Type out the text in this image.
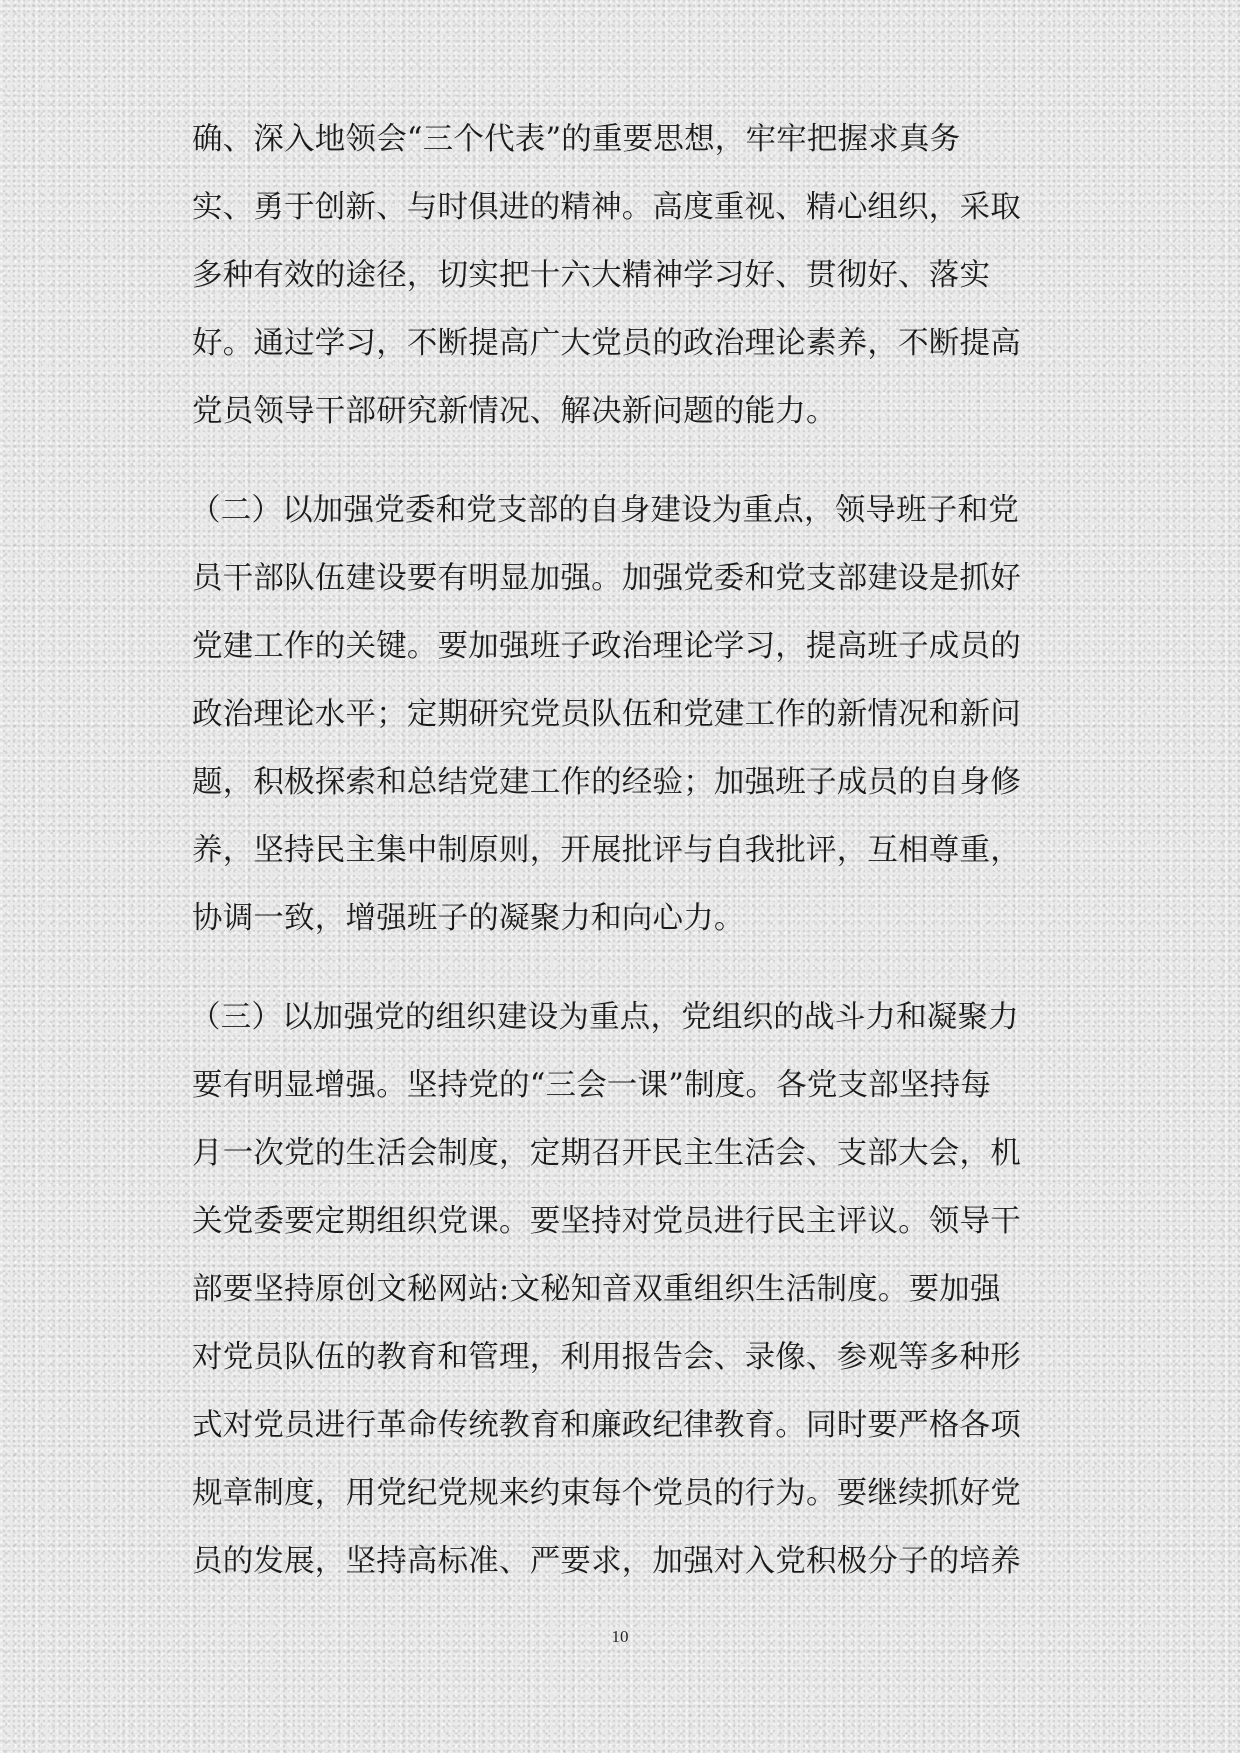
确、深入地领会“三个代表”的重要思想，牢牢把握求真务
实、勇于创新、与时俱进的精神。高度重视、精心组织，采取
多种有效的途径，切实把十六大精神学习好、贯彻好、落实
好。通过学习，不断提高广大党员的政治理论素养，不断提高
党员领导干部研究新情况、解决新问题的能力。
（二）以加强党委和党支部的自身建设为重点，领导班子和党
员干部队伍建设要有明显加强。加强党委和党支部建设是抓好
党建工作的关键。要加强班子政治理论学习，提高班子成员的
政治理论水平；定期研究党员队伍和党建工作的新情况和新问
题，积极探索和总结党建工作的经验；加强班子成员的自身修
养，坚持民主集中制原则，开展批评与自我批评，互相尊重，
协调一致，增强班子的凝聚力和向心力。
（三）以加强党的组织建设为重点，党组织的战斗力和凝聚力
要有明显增强。坚持党的“三会一课”制度。各党支部坚持每
月一次党的生活会制度，定期召开民主生活会、支部大会，机
关党委要定期组织党课。要坚持对党员进行民主评议。领导干
部要坚持原创文秘网站:文秘知音双重组织生活制度。要加强
对党员队伍的教育和管理，利用报告会、录像、参观等多种形
式对党员进行革命传统教育和廉政纪律教育。同时要严格各项
规章制度，用党纪党规来约束每个党员的行为。要继续抓好党
员的发展，坚持高标准、严要求，加强对入党积极分子的培养
10
